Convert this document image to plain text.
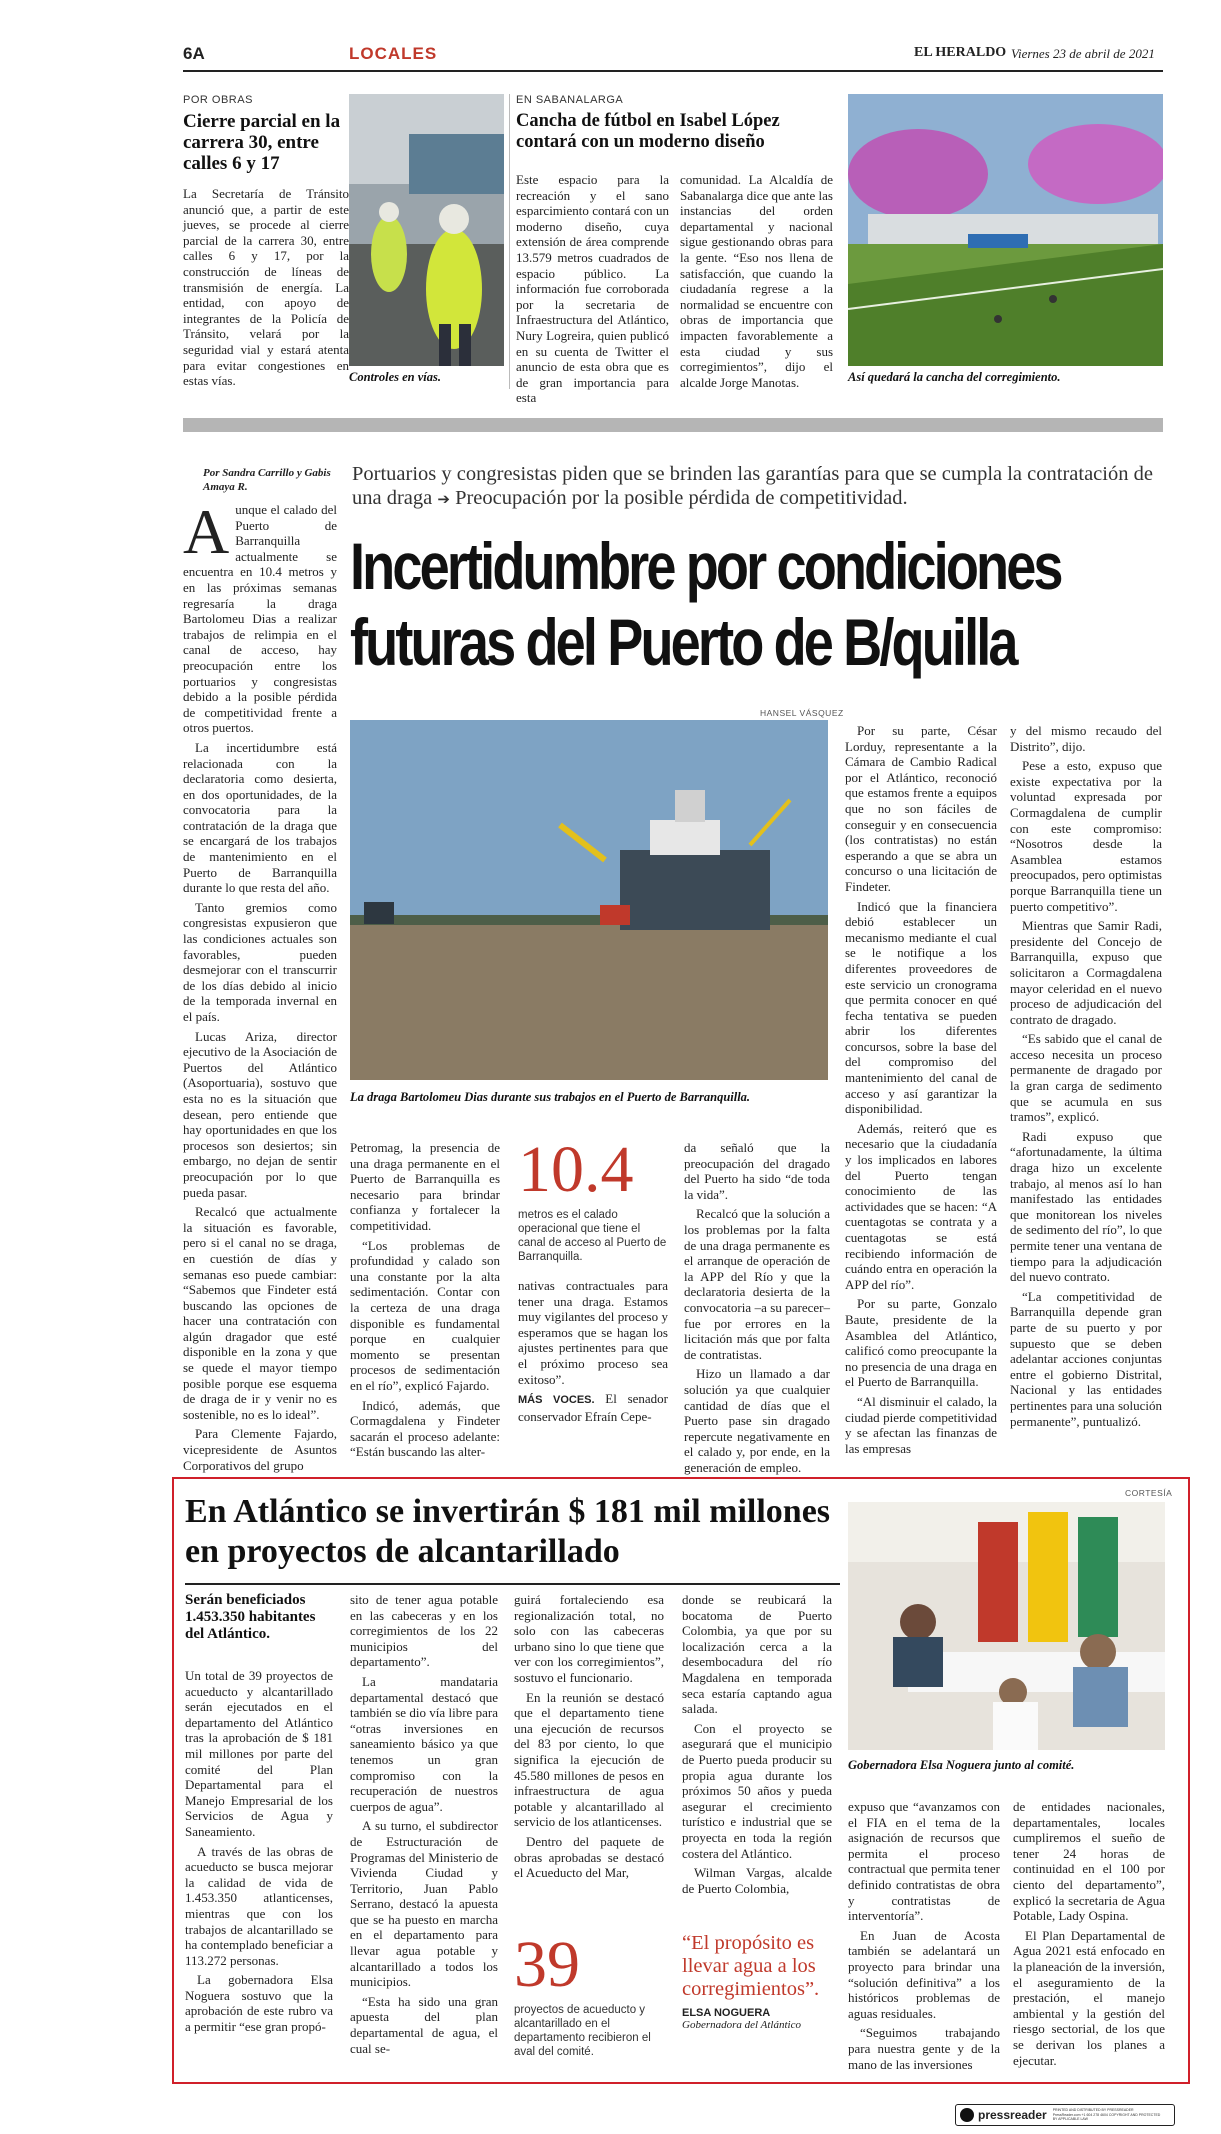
6A	LOCALES	EL HERALDO Viernes 23 de abril de 2021
POR OBRAS
Cierre parcial en la carrera 30, entre calles 6 y 17

La Secretaría de Tránsito anunció que, a partir de este jueves, se procede al cierre parcial de la carrera 30, entre calles 6 y 17, por la construcción de líneas de transmisión de energía. La entidad, con apoyo de integrantes de la Policía de Tránsito, velará por la seguridad vial y estará atenta para evitar congestiones en estas vías.	Controles en vías.
EN SABANALARGA
Cancha de fútbol en Isabel López contará con un moderno diseño

Este espacio para la recreación y el sano esparcimiento contará con un moderno diseño, cuya extensión de área comprende 13.579 metros cuadrados de espacio público. La información fue corroborada por la secretaria de Infraestructura del Atlántico, Nury Logreira, quien publicó en su cuenta de Twitter el anuncio de esta obra que es de gran importancia para esta

comunidad. La Alcaldía de Sabanalarga dice que ante las instancias del orden departamental y nacional sigue gestionando obras para la gente. “Eso nos llena de satisfacción, que cuando la ciudadanía regrese a la normalidad se encuentre con obras de importancia que impacten favorablemente a esta ciudad y sus corregimientos”, dijo el alcalde Jorge Manotas.	Así quedará la cancha del corregimiento.
Por Sandra Carrillo y Gabis Amaya R.
Portuarios y congresistas piden que se brinden las garantías para que se cumpla la contratación de una draga ➔ Preocupación por la posible pérdida de competitividad.
Incertidumbre por condiciones futuras del Puerto de B/quilla
HANSEL VÁSQUEZ
La draga Bartolomeu Dias durante sus trabajos en el Puerto de Barranquilla.

Aunque el calado del Puerto de Barranquilla actualmente se encuentra en 10.4 metros y en las próximas semanas regresaría la draga Bartolomeu Dias a realizar trabajos de relimpia en el canal de acceso, hay preocupación entre los portuarios y congresistas debido a la posible pérdida de competitividad frente a otros puertos.

La incertidumbre está relacionada con la declaratoria como desierta, en dos oportunidades, de la convocatoria para la contratación de la draga que se encargará de los trabajos de mantenimiento en el Puerto de Barranquilla durante lo que resta del año.

Tanto gremios como congresistas expusieron que las condiciones actuales son favorables, pueden desmejorar con el transcurrir de los días debido al inicio de la temporada invernal en el país.

Lucas Ariza, director ejecutivo de la Asociación de Puertos del Atlántico (Asoportuaria), sostuvo que esta no es la situación que desean, pero entiende que hay oportunidades en que los procesos son desiertos; sin embargo, no dejan de sentir preocupación por lo que pueda pasar.

Recalcó que actualmente la situación es favorable, pero si el canal no se draga, en cuestión de días y semanas eso puede cambiar: “Sabemos que Findeter está buscando las opciones de hacer una contratación con algún dragador que esté disponible en la zona y que se quede el mayor tiempo posible porque ese esquema de draga de ir y venir no es sostenible, no es lo ideal”.

Para Clemente Fajardo, vicepresidente de Asuntos Corporativos del grupo

Petromag, la presencia de una draga permanente en el Puerto de Barranquilla es necesario para brindar confianza y fortalecer la competitividad.

“Los problemas de profundidad y calado son una constante por la alta sedimentación. Contar con la certeza de una draga disponible es fundamental porque en cualquier momento se presentan procesos de sedimentación en el río”, explicó Fajardo.

Indicó, además, que Cormagdalena y Findeter sacarán el proceso adelante: “Están buscando las alter-

10.4
metros es el calado operacional que tiene el canal de acceso al Puerto de Barranquilla.

nativas contractuales para tener una draga. Estamos muy vigilantes del proceso y esperamos que se hagan los ajustes pertinentes para que el próximo proceso sea exitoso”.

MÁS VOCES. El senador conservador Efraín Cepe-

da señaló que la preocupación del dragado del Puerto ha sido “de toda la vida”.

Recalcó que la solución a los problemas por la falta de una draga permanente es el arranque de operación de la APP del Río y que la declaratoria desierta de la convocatoria –a su parecer– fue por errores en la licitación más que por falta de contratistas.

Hizo un llamado a dar solución ya que cualquier cantidad de días que el Puerto pase sin dragado repercute negativamente en el calado y, por ende, en la generación de empleo.

Por su parte, César Lorduy, representante a la Cámara de Cambio Radical por el Atlántico, reconoció que estamos frente a equipos que no son fáciles de conseguir y en consecuencia (los contratistas) no están esperando a que se abra un concurso o una licitación de Findeter.

Indicó que la financiera debió establecer un mecanismo mediante el cual se le notifique a los diferentes proveedores de este servicio un cronograma que permita conocer en qué fecha tentativa se pueden abrir los diferentes concursos, sobre la base del del compromiso del mantenimiento del canal de acceso y así garantizar la disponibilidad.

Además, reiteró que es necesario que la ciudadanía y los implicados en labores del Puerto tengan conocimiento de las actividades que se hacen: “A cuentagotas se contrata y a cuentagotas se está recibiendo información de cuándo entra en operación la APP del río”.

Por su parte, Gonzalo Baute, presidente de la Asamblea del Atlántico, calificó como preocupante la no presencia de una draga en el Puerto de Barranquilla.

“Al disminuir el calado, la ciudad pierde competitividad y se afectan las finanzas de las empresas

y del mismo recaudo del Distrito”, dijo.

Pese a esto, expuso que existe expectativa por la voluntad expresada por Cormagdalena de cumplir con este compromiso: “Nosotros desde la Asamblea estamos preocupados, pero optimistas porque Barranquilla tiene un puerto competitivo”.

Mientras que Samir Radi, presidente del Concejo de Barranquilla, expuso que solicitaron a Cormagdalena mayor celeridad en el nuevo proceso de adjudicación del contrato de dragado.

“Es sabido que el canal de acceso necesita un proceso permanente de dragado por la gran carga de sedimento que se acumula en sus tramos”, explicó.

Radi expuso que “afortunadamente, la última draga hizo un excelente trabajo, al menos así lo han manifestado las entidades que monitorean los niveles de sedimento del río”, lo que permite tener una ventana de tiempo para la adjudicación del nuevo contrato.

“La competitividad de Barranquilla depende gran parte de su puerto y por supuesto que se deben adelantar acciones conjuntas entre el gobierno Distrital, Nacional y las entidades pertinentes para una solución permanente”, puntualizó.

CORTESÍA
En Atlántico se invertirán $ 181 mil millones en proyectos de alcantarillado
Serán beneficiados 1.453.350 habitantes del Atlántico.

Un total de 39 proyectos de acueducto y alcantarillado serán ejecutados en el departamento del Atlántico tras la aprobación de $ 181 mil millones por parte del comité del Plan Departamental para el Manejo Empresarial de los Servicios de Agua y Saneamiento.

A través de las obras de acueducto se busca mejorar la calidad de vida de 1.453.350 atlanticenses, mientras que con los trabajos de alcantarillado se ha contemplado beneficiar a 113.272 personas.

La gobernadora Elsa Noguera sostuvo que la aprobación de este rubro va a permitir “ese gran propó-

sito de tener agua potable en las cabeceras y en los corregimientos de los 22 municipios del departamento”.

La mandataria departamental destacó que también se dio vía libre para “otras inversiones en saneamiento básico ya que tenemos un gran compromiso con la recuperación de nuestros cuerpos de agua”.

A su turno, el subdirector de Estructuración de Programas del Ministerio de Vivienda Ciudad y Territorio, Juan Pablo Serrano, destacó la apuesta que se ha puesto en marcha en el departamento para llevar agua potable y alcantarillado a todos los municipios.

“Esta ha sido una gran apuesta del plan departamental de agua, el cual se-

guirá fortaleciendo esa regionalización total, no solo con las cabeceras urbano sino lo que tiene que ver con los corregimientos”, sostuvo el funcionario.

En la reunión se destacó que el departamento tiene una ejecución de recursos del 83 por ciento, lo que significa la ejecución de 45.580 millones de pesos en infraestructura de agua potable y alcantarillado al servicio de los atlanticenses.

Dentro del paquete de obras aprobadas se destacó el Acueducto del Mar,

donde se reubicará la bocatoma de Puerto Colombia, ya que por su localización cerca a la desembocadura del río Magdalena en temporada seca estaría captando agua salada.

Con el proyecto se asegurará que el municipio de Puerto pueda producir su propia agua durante los próximos 50 años y pueda asegurar el crecimiento turístico e industrial que se proyecta en toda la región costera del Atlántico.

Wilman Vargas, alcalde de Puerto Colombia,

39
proyectos de acueducto y alcantarillado en el departamento recibieron el aval del comité.
“El propósito es llevar agua a los corregimientos”.
ELSA NOGUERA
Gobernadora del Atlántico
Gobernadora Elsa Noguera junto al comité.

expuso que “avanzamos con el FIA en el tema de la asignación de recursos que permita el proceso contractual que permita tener definido contratistas de obra y contratistas de interventoría”.

En Juan de Acosta también se adelantará un proyecto para brindar una “solución definitiva” a los históricos problemas de aguas residuales.

“Seguimos trabajando para nuestra gente y de la mano de las inversiones

de entidades nacionales, departamentales, locales cumpliremos el sueño de tener 24 horas de continuidad en el 100 por ciento del departamento”, explicó la secretaria de Agua Potable, Lady Ospina.

El Plan Departamental de Agua 2021 está enfocado en la planeación de la inversión, el aseguramiento de la prestación, el manejo ambiental y la gestión del riesgo sectorial, de los que se derivan los planes a ejecutar.

pressreader PRINTED AND DISTRIBUTED BY PRESSREADER PressReader.com +1 604 278 4604 COPYRIGHT AND PROTECTED BY APPLICABLE LAW
